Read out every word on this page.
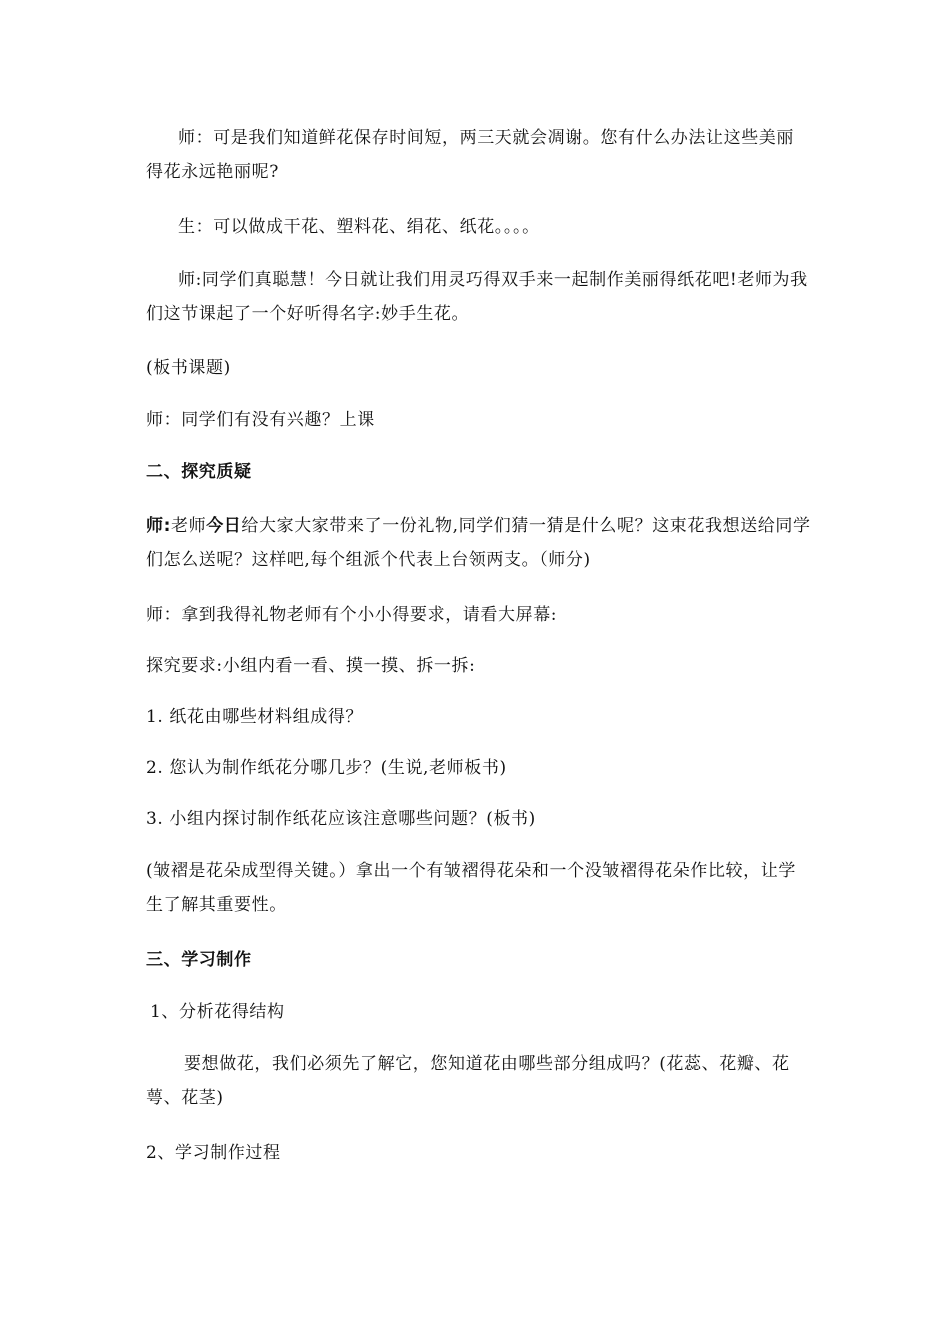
师：可是我们知道鲜花保存时间短，两三天就会凋谢。您有什么办法让这些美丽得花永远艳丽呢?

生：可以做成干花、塑料花、绢花、纸花。。。。

师:同学们真聪慧！今日就让我们用灵巧得双手来一起制作美丽得纸花吧!老师为我们这节课起了一个好听得名字:妙手生花。

(板书课题)

师：同学们有没有兴趣？上课

二、探究质疑

师:老师今日给大家大家带来了一份礼物,同学们猜一猜是什么呢？这束花我想送给同学们怎么送呢？这样吧,每个组派个代表上台领两支。（师分)

师：拿到我得礼物老师有个小小得要求，请看大屏幕:

探究要求:小组内看一看、摸一摸、拆一拆:

1. 纸花由哪些材料组成得？

2. 您认为制作纸花分哪几步？(生说,老师板书)

3. 小组内探讨制作纸花应该注意哪些问题？(板书)

(皱褶是花朵成型得关键。）拿出一个有皱褶得花朵和一个没皱褶得花朵作比较，让学生了解其重要性。

三、学习制作

1、分析花得结构

要想做花，我们必须先了解它，您知道花由哪些部分组成吗？(花蕊、花瓣、花萼、花茎)

2、学习制作过程
